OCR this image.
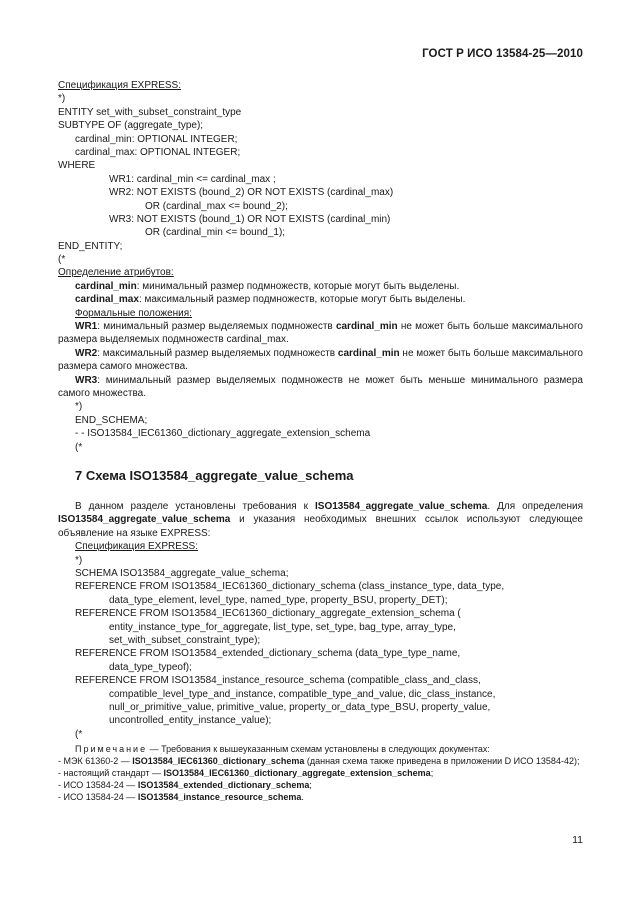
ГОСТ Р ИСО 13584-25—2010
Спецификация EXPRESS:
*)
ENTITY set_with_subset_constraint_type
SUBTYPE OF (aggregate_type);
cardinal_min: OPTIONAL INTEGER;
cardinal_max: OPTIONAL INTEGER;
WHERE
WR1: cardinal_min <= cardinal_max ;
WR2: NOT EXISTS (bound_2) OR NOT EXISTS (cardinal_max)
OR (cardinal_max <= bound_2);
WR3: NOT EXISTS (bound_1) OR NOT EXISTS (cardinal_min)
OR (cardinal_min <= bound_1);
END_ENTITY;
(*
Определение атрибутов:
cardinal_min: минимальный размер подмножеств, которые могут быть выделены.
cardinal_max: максимальный размер подмножеств, которые могут быть выделены.
Формальные положения:

WR1: минимальный размер выделяемых подмножеств cardinal_min не может быть больше максимального размера выделяемых подмножеств cardinal_max.

WR2: максимальный размер выделяемых подмножеств cardinal_min не может быть больше максимального размера самого множества.

WR3: минимальный размер выделяемых подмножеств не может быть меньше минимального размера самого множества.

*)
END_SCHEMA;
- - ISO13584_IEC61360_dictionary_aggregate_extension_schema
(*
7 Схема ISO13584_aggregate_value_schema

В данном разделе установлены требования к ISO13584_aggregate_value_schema. Для определения ISO13584_aggregate_value_schema и указания необходимых внешних ссылок используют следующее объявление на языке EXPRESS:

Спецификация EXPRESS:
*)
SCHEMA ISO13584_aggregate_value_schema;
REFERENCE FROM ISO13584_IEC61360_dictionary_schema (class_instance_type, data_type,
data_type_element, level_type, named_type, property_BSU, property_DET);
REFERENCE FROM ISO13584_IEC61360_dictionary_aggregate_extension_schema (
entity_instance_type_for_aggregate, list_type, set_type, bag_type, array_type,
set_with_subset_constraint_type);
REFERENCE FROM ISO13584_extended_dictionary_schema (data_type_type_name,
data_type_typeof);
REFERENCE FROM ISO13584_instance_resource_schema (compatible_class_and_class,
compatible_level_type_and_instance, compatible_type_and_value, dic_class_instance,
null_or_primitive_value, primitive_value, property_or_data_type_BSU, property_value,
uncontrolled_entity_instance_value);
(*
Примечание — Требования к вышеуказанным схемам установлены в следующих документах:
- МЭК 61360-2 — ISO13584_IEC61360_dictionary_schema (данная схема также приведена в приложении D ИСО 13584-42);
- настоящий стандарт — ISO13584_IEC61360_dictionary_aggregate_extension_schema;
- ИСО 13584-24 — ISO13584_extended_dictionary_schema;
- ИСО 13584-24 — ISO13584_instance_resource_schema.
11
